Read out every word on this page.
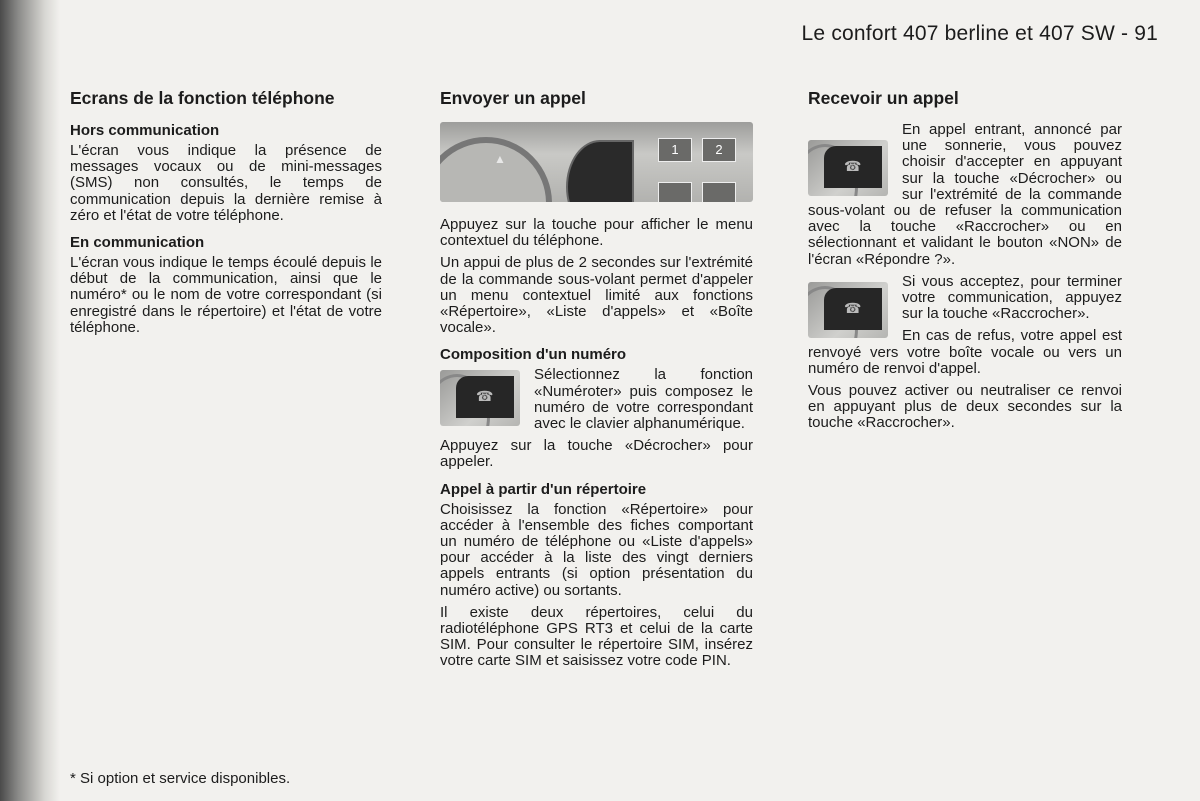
Le confort 407 berline et 407 SW - 91
Ecrans de la fonction téléphone
Hors communication

L'écran vous indique la présence de messages vocaux ou de mini-messages (SMS) non consultés, le temps de communication depuis la dernière remise à zéro et l'état de votre téléphone.

En communication

L'écran vous indique le temps écoulé depuis le début de la communication, ainsi que le numéro* ou le nom de votre correspondant (si enregistré dans le répertoire) et l'état de votre téléphone.

Envoyer un appel
▲
1	2

Appuyez sur la touche pour afficher le menu contextuel du téléphone.

Un appui de plus de 2 secondes sur l'extrémité de la commande sous-volant permet d'appeler un menu contextuel limité aux fonctions «Répertoire», «Liste d'appels» et «Boîte vocale».

Composition d'un numéro
☎

Sélectionnez la fonction «Numéroter» puis composez le numéro de votre correspondant avec le clavier alphanumérique.

Appuyez sur la touche «Décrocher» pour appeler.

Appel à partir d'un répertoire

Choisissez la fonction «Répertoire» pour accéder à l'ensemble des fiches comportant un numéro de téléphone ou «Liste d'appels» pour accéder à la liste des vingt derniers appels entrants (si option présentation du numéro active) ou sortants.

Il existe deux répertoires, celui du radiotéléphone GPS RT3 et celui de la carte SIM. Pour consulter le répertoire SIM, insérez votre carte SIM et saisissez votre code PIN.

Recevoir un appel
☎

En appel entrant, annoncé par une sonnerie, vous pouvez choisir d'accepter en appuyant sur la touche «Décrocher» ou sur l'extrémité de la commande sous-volant ou de refuser la communication avec la touche «Raccrocher» ou en sélectionnant et validant le bouton «NON» de l'écran «Répondre ?».

☎

Si vous acceptez, pour terminer votre communication, appuyez sur la touche «Raccrocher».

En cas de refus, votre appel est renvoyé vers votre boîte vocale ou vers un numéro de renvoi d'appel.

Vous pouvez activer ou neutraliser ce renvoi en appuyant plus de deux secondes sur la touche «Raccrocher».

* Si option et service disponibles.
